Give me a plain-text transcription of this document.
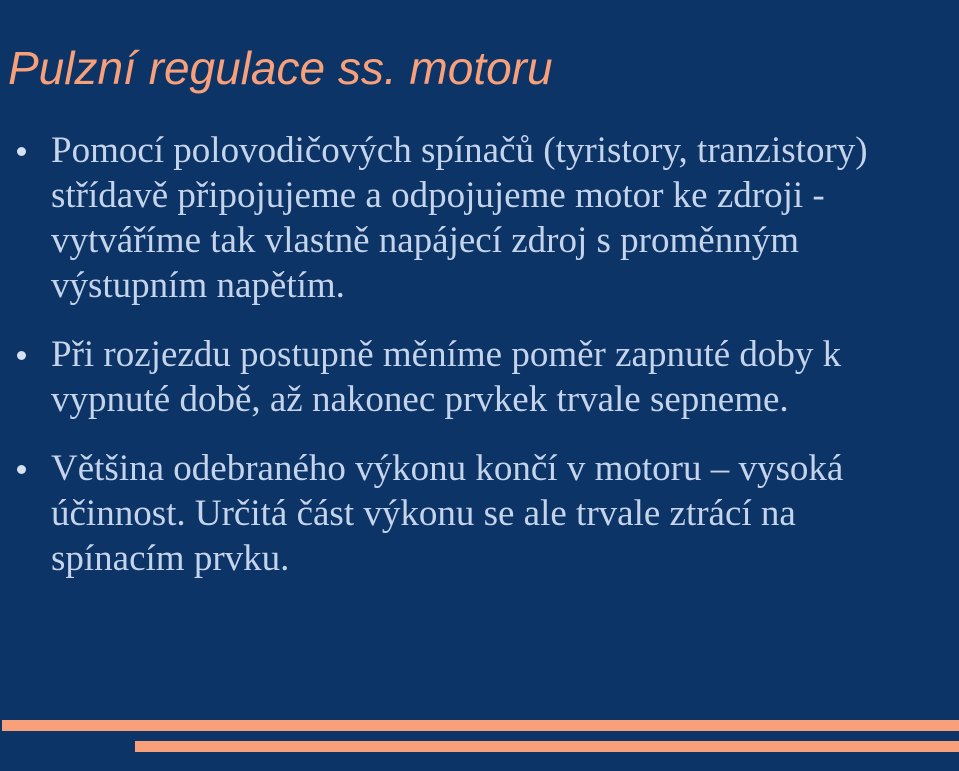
Pulzní regulace ss. motoru
Pomocí polovodičových spínačů (tyristory, tranzistory) střídavě připojujeme a odpojujeme motor ke zdroji - vytváříme tak vlastně napájecí zdroj s proměnným výstupním napětím.
Při rozjezdu postupně měníme poměr zapnuté doby k vypnuté době, až nakonec prvkek trvale sepneme.
Většina odebraného výkonu končí v motoru – vysoká účinnost. Určitá část výkonu se ale trvale ztrácí na spínacím prvku.
